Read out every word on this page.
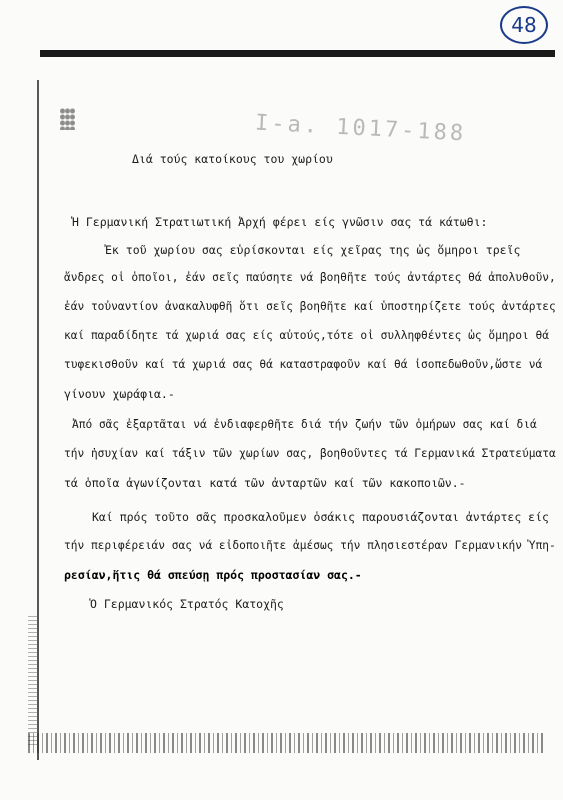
48
I-a. 1017-188
Διά τούς κατοίκους του χωρίου
Ἡ Γερμανική Στρατιωτική Ἀρχή φέρει είς γνῶσιν σας τά κάτωθι:
Ἐκ τοῦ χωρίου σας εὑρίσκονται είς χεῖρας της ὡς ὅμηροι τρεῖς
ἄνδρες οἱ ὁποῖοι, ἐάν σεῖς παύσητε νά βοηθῆτε τούς ἀντάρτες θά ἀπολυθοῦν,
ἐάν τοὐναντίον ἀνακαλυφθῆ ὅτι σεῖς βοηθῆτε καί ὑποστηρίζετε τούς ἀντάρτες
καί παραδίδητε τά χωριά σας είς αὐτούς,τότε οἱ συλληφθέντες ὡς ὅμηροι θά
τυφεκισθοῦν καί τά χωριά σας θά καταστραφοῦν καί θά ἰσοπεδωθοῦν,ὥστε νά
γίνουν χωράφια.-
Ἀπό σᾶς ἐξαρτᾶται νά ἐνδιαφερθῆτε διά τήν ζωήν τῶν ὁμήρων σας καί διά
τήν ἡσυχίαν καί τάξιν τῶν χωρίων σας, βοηθοῦντες τά Γερμανικά Στρατεύματα
τά ὁποῖα ἀγωνίζονται κατά τῶν ἀνταρτῶν καί τῶν κακοποιῶν.-
Καί πρός τοῦτο σᾶς προσκαλοῦμεν ὁσάκις παρουσιάζονται ἀντάρτες είς
τήν περιφέρειάν σας νά εἰδοποιῆτε ἀμέσως τήν πλησιεστέραν Γερμανικήν Ὑπη-
ρεσίαν,ἥτις θά σπεύσῃ πρός προστασίαν σας.-
Ὁ Γερμανικός Στρατός Κατοχῆς
